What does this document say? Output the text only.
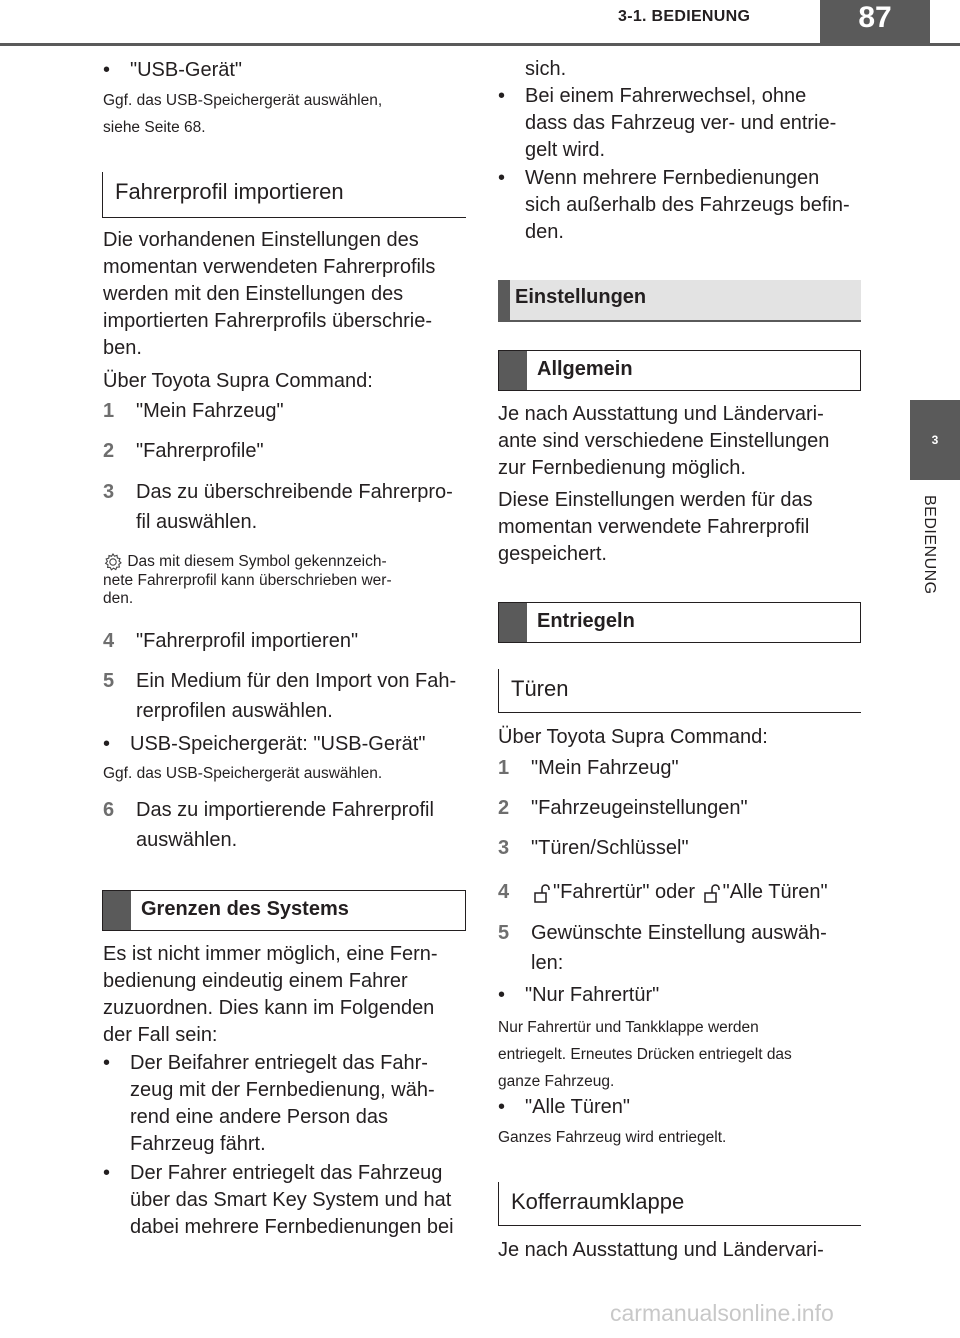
3-1. BEDIENUNG	87
3
BEDIENUNG
• "USB-Gerät"
Ggf. das USB-Speichergerät auswählen,
siehe Seite 68.
Fahrerprofil importieren
Die vorhandenen Einstellungen des
momentan verwendeten Fahrerprofils
werden mit den Einstellungen des
importierten Fahrerprofils überschrie-
ben.
Über Toyota Supra Command:
1	"Mein Fahrzeug"
2	"Fahrerprofile"
3	Das zu überschreibende Fahrerpro-
fil auswählen.
Das mit diesem Symbol gekennzeich-
nete Fahrerprofil kann überschrieben wer-
den.
4	"Fahrerprofil importieren"
5	Ein Medium für den Import von Fah-
rerprofilen auswählen.
• USB-Speichergerät: "USB-Gerät"
Ggf. das USB-Speichergerät auswählen.
6	Das zu importierende Fahrerprofil
auswählen.
Grenzen des Systems
Es ist nicht immer möglich, eine Fern-
bedienung eindeutig einem Fahrer
zuzuordnen. Dies kann im Folgenden
der Fall sein:
• Der Beifahrer entriegelt das Fahr-
zeug mit der Fernbedienung, wäh-
rend eine andere Person das
Fahrzeug fährt.
• Der Fahrer entriegelt das Fahrzeug
über das Smart Key System und hat
dabei mehrere Fernbedienungen bei
sich.
• Bei einem Fahrerwechsel, ohne
dass das Fahrzeug ver- und entrie-
gelt wird.
• Wenn mehrere Fernbedienungen
sich außerhalb des Fahrzeugs befin-
den.
Einstellungen
Allgemein
Je nach Ausstattung und Ländervari-
ante sind verschiedene Einstellungen
zur Fernbedienung möglich.
Diese Einstellungen werden für das
momentan verwendete Fahrerprofil
gespeichert.
Entriegeln
Türen
Über Toyota Supra Command:
1	"Mein Fahrzeug"
2	"Fahrzeugeinstellungen"
3	"Türen/Schlüssel"
4	"Fahrertür" oder "Alle Türen"
5	Gewünschte Einstellung auswäh-
len:
• "Nur Fahrertür"
Nur Fahrertür und Tankklappe werden
entriegelt. Erneutes Drücken entriegelt das
ganze Fahrzeug.
• "Alle Türen"
Ganzes Fahrzeug wird entriegelt.
Kofferraumklappe
Je nach Ausstattung und Ländervari-
carmanualsonline.info
